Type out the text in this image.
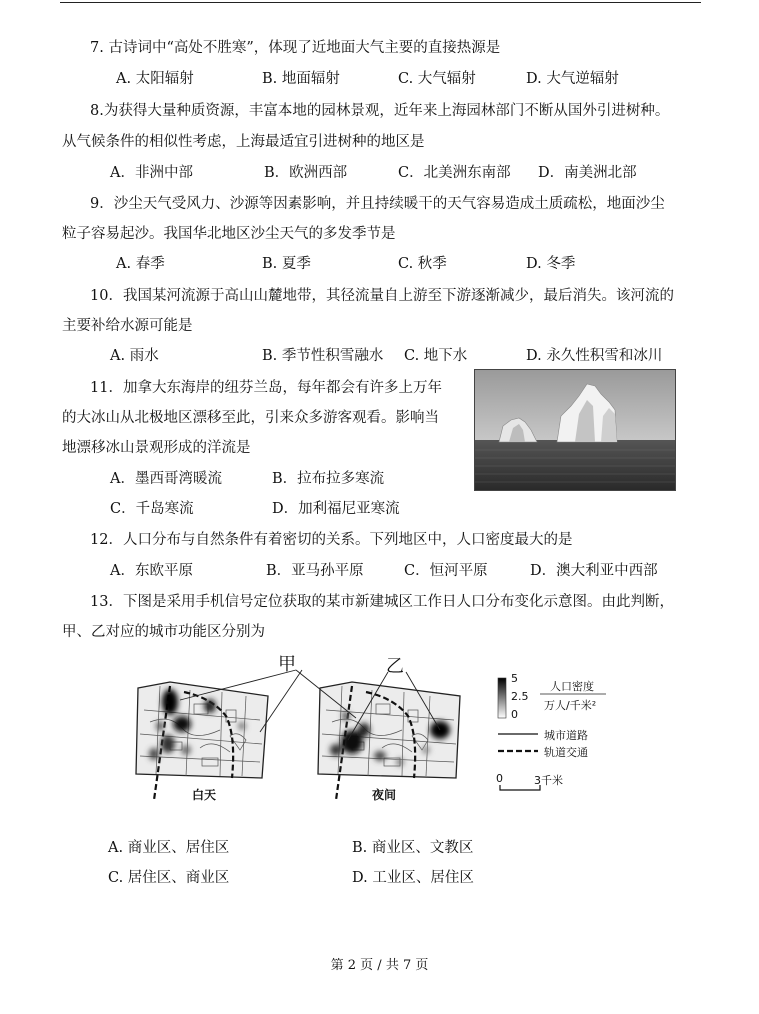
7. 古诗词中“高处不胜寒”，体现了近地面大气主要的直接热源是
A. 太阳辐射	B. 地面辐射	C. 大气辐射	D. 大气逆辐射
8.为获得大量种质资源，丰富本地的园林景观，近年来上海园林部门不断从国外引进树种。
从气候条件的相似性考虑，上海最适宜引进树种的地区是
A．非洲中部	B．欧洲西部	C．北美洲东南部 D．南美洲北部
9．沙尘天气受风力、沙源等因素影响，并且持续暖干的天气容易造成土质疏松，地面沙尘
粒子容易起沙。我国华北地区沙尘天气的多发季节是
A. 春季	B. 夏季	C. 秋季	D. 冬季
10．我国某河流源于高山山麓地带，其径流量自上游至下游逐渐减少，最后消失。该河流的
主要补给水源可能是
A. 雨水	B. 季节性积雪融水 C. 地下水	D. 永久性积雪和冰川
11．加拿大东海岸的纽芬兰岛，每年都会有许多上万年
的大冰山从北极地区漂移至此，引来众多游客观看。影响当
地漂移冰山景观形成的洋流是
A．墨西哥湾暖流	B．拉布拉多寒流
C．千岛寒流	D．加利福尼亚寒流
12．人口分布与自然条件有着密切的关系。下列地区中，人口密度最大的是
A．东欧平原	B．亚马孙平原	C．恒河平原	D．澳大利亚中西部
13．下图是采用手机信号定位获取的某市新建城区工作日人口分布变化示意图。由此判断，
甲、乙对应的城市功能区分别为
甲	乙
白天	夜间
5
2.5
0
人口密度
万人/千米²
城市道路
轨道交通
0	3千米
A. 商业区、居住区	B. 商业区、文教区
C. 居住区、商业区	D. 工业区、居住区
第 2 页 / 共 7 页
